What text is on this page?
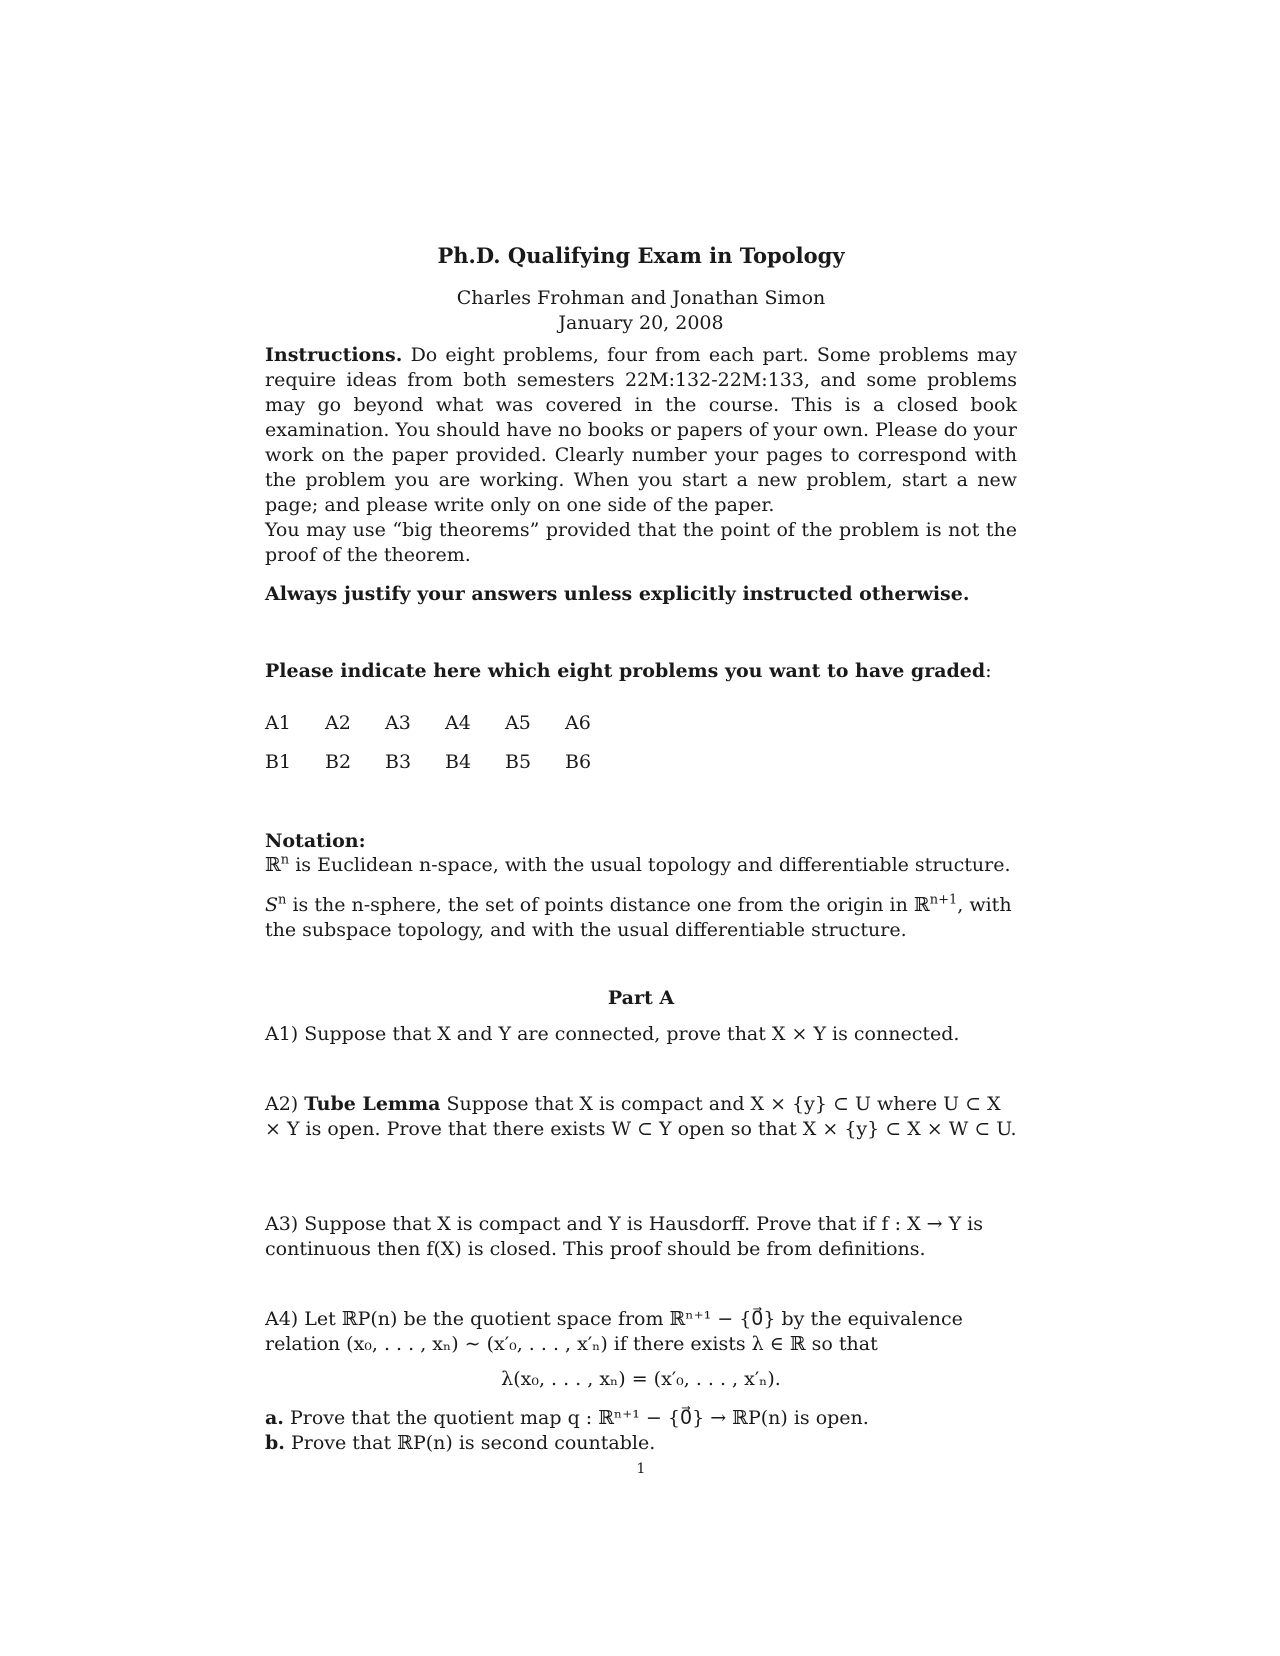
Ph.D. Qualifying Exam in Topology
Charles Frohman and Jonathan Simon
January 20, 2008

Instructions. Do eight problems, four from each part. Some problems may require ideas from both semesters 22M:132-22M:133, and some problems may go beyond what was covered in the course. This is a closed book examination. You should have no books or papers of your own. Please do your work on the paper provided. Clearly number your pages to correspond with the problem you are working. When you start a new problem, start a new page; and please write only on one side of the paper.

You may use “big theorems” provided that the point of the problem is not the proof of the theorem.

Always justify your answers unless explicitly instructed otherwise.
Please indicate here which eight problems you want to have graded:
A1	A2	A3	A4	A5	A6
B1	B2	B3	B4	B5	B6
Notation:
ℝ$^n$ is Euclidean n-space, with the usual topology and differentiable structure.
$S^n$ is the n-sphere, the set of points distance one from the origin in ℝ$^{n+1}$, with the subspace topology, and with the usual differentiable structure.
Part A
A1) Suppose that X and Y are connected, prove that X × Y is connected.
A2) Tube Lemma Suppose that X is compact and X × {y} ⊂ U where U ⊂ X × Y is open. Prove that there exists W ⊂ Y open so that X × {y} ⊂ X × W ⊂ U.
A3) Suppose that X is compact and Y is Hausdorff. Prove that if f : X → Y is continuous then f(X) is closed. This proof should be from definitions.
A4) Let ℝP(n) be the quotient space from ℝⁿ⁺¹ − {0⃗} by the equivalence relation (x₀, . . . , xₙ) ∼ (x′₀, . . . , x′ₙ) if there exists λ ∈ ℝ so that
λ(x₀, . . . , xₙ) = (x′₀, . . . , x′ₙ).
a. Prove that the quotient map q : ℝⁿ⁺¹ − {0⃗} → ℝP(n) is open.
b. Prove that ℝP(n) is second countable.
1
